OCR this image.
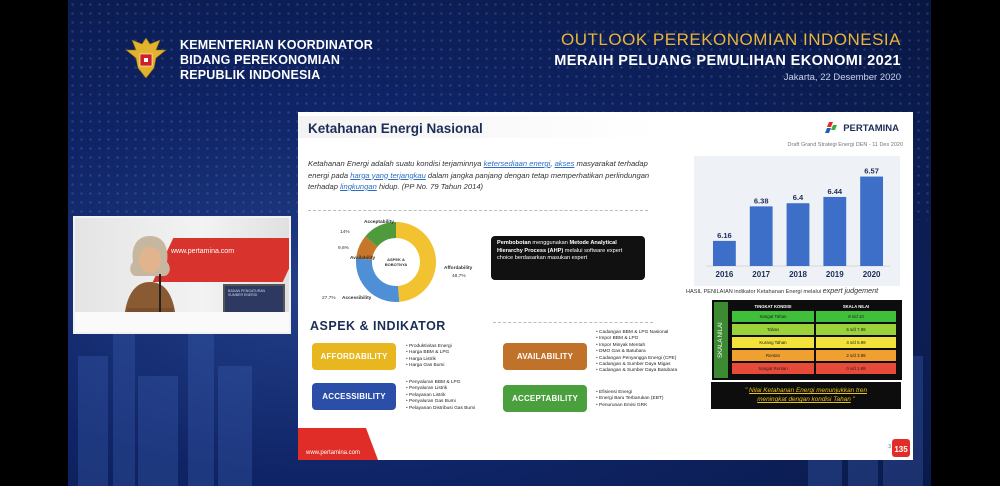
KEMENTERIAN KOORDINATOR
BIDANG PEREKONOMIAN
REPUBLIK INDONESIA
OUTLOOK PEREKONOMIAN INDONESIA
MERAIH PELUANG PEMULIHAN EKONOMI 2021
Jakarta, 22 Desember 2020
www.pertamina.com
BADAN PENGATURAN SUMBER ENERGI
Ketahanan Energi Nasional	PERTAMINA
Draft Grand Strategi Energi DEN - 11 Des 2020
Ketahanan Energi adalah suatu kondisi terjaminnya ketersediaan energi, akses masyarakat terhadap energi pada harga yang terjangkau dalam jangka panjang dengan tetap memperhatikan perlindungan terhadap lingkungan hidup. (PP No. 79 Tahun 2014)
ASPEK & BOBOTNYA
14%
Acceptability
9,6%
Availability
Affordability
48,7%
27,7% Accessibility
Pembobotan menggunakan Metode Analytical Hierarchy Process (AHP) melalui software expert choice berdasarkan masukan expert
ASPEK & INDIKATOR
AFFORDABILITY
• Produktivitas Energi
• Harga BBM & LPG
• Harga Listrik
• Harga Gas Bumi
ACCESSIBILITY
• Penyaluran BBM & LPG
• Penyaluran Listrik
• Pelayanan Listrik
• Penyaluran Gas Bumi
• Pelayanan Distribusi Gas Bumi
AVAILABILITY
• Cadangan BBM & LPG Nasional
• Impor BBM & LPG
• Impor Minyak Mentah
• DMO Gas & Batubara
• Cadangan Penyangga Energi (CPE)
• Cadangan & Sumber Daya Migas
• Cadangan & Sumber Daya Batubara
ACCEPTABILITY
• Efisiensi Energi
• Energi Baru Terbarukan (EBT)
• Penurunan Emisi GRK
6.16
2016
6.38
2017
6.4
2018
6.44
2019
6.57
2020
HASIL PENILAIAN indikator Ketahanan Energi melalui expert judgement
SKALA NILAI
TINGKAT KONDISI	SKALA NILAI
Sangat Tahan	8 s/d 10
Tahan	6 s/d 7.99
Kurang Tahan	4 s/d 5.99
Rentan	2 s/d 3.99
Sangat Rentan	0 s/d 1.99
" Nilai Ketahanan Energi menunjukkan tren
meningkat dengan kondisi Tahan "
www.pertamina.com
3 135
